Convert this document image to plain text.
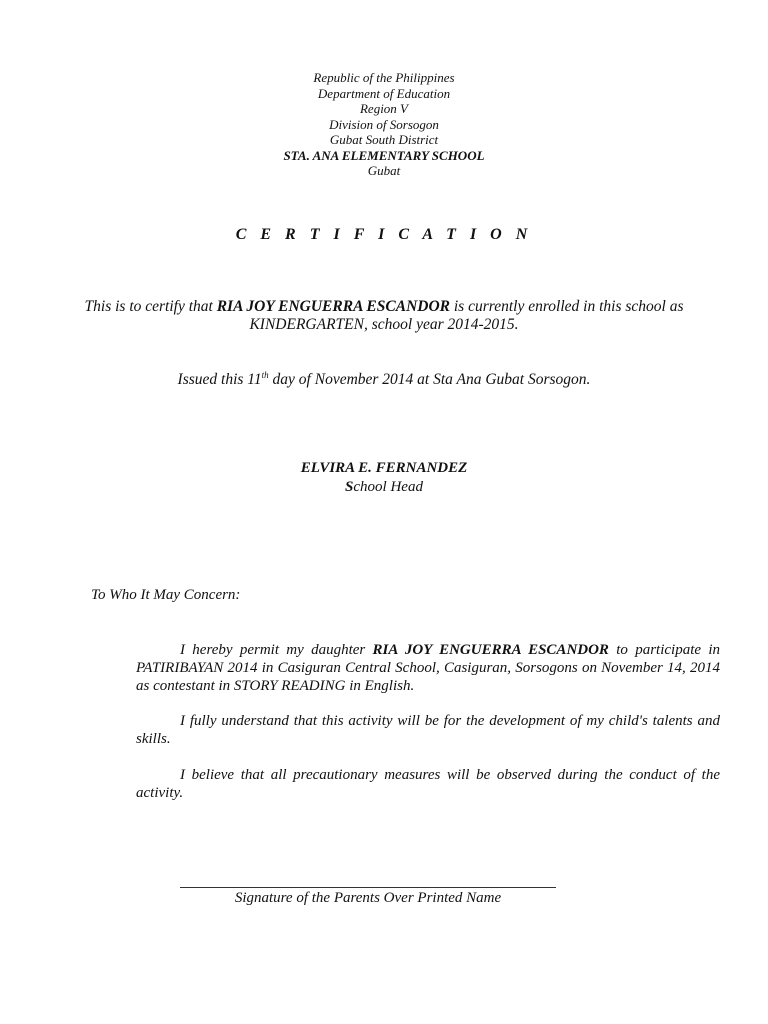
Republic of the Philippines
Department of Education
Region V
Division of Sorsogon
Gubat South District
STA. ANA ELEMENTARY SCHOOL
Gubat
C E R T I F I C A T I O N
This is to certify that RIA JOY ENGUERRA ESCANDOR is currently enrolled in this school as KINDERGARTEN, school year 2014-2015.
Issued this 11th day of November 2014 at Sta Ana Gubat Sorsogon.
ELVIRA E. FERNANDEZ
School Head
To Who It May Concern:
I hereby permit my daughter RIA JOY ENGUERRA ESCANDOR to participate in PATIRIBAYAN 2014 in Casiguran Central School, Casiguran, Sorsogons on November 14, 2014 as contestant in STORY READING in English.
I fully understand that this activity will be for the development of my child's talents and skills.
I believe that all precautionary measures will be observed during the conduct of the activity.
Signature of the Parents Over Printed Name
